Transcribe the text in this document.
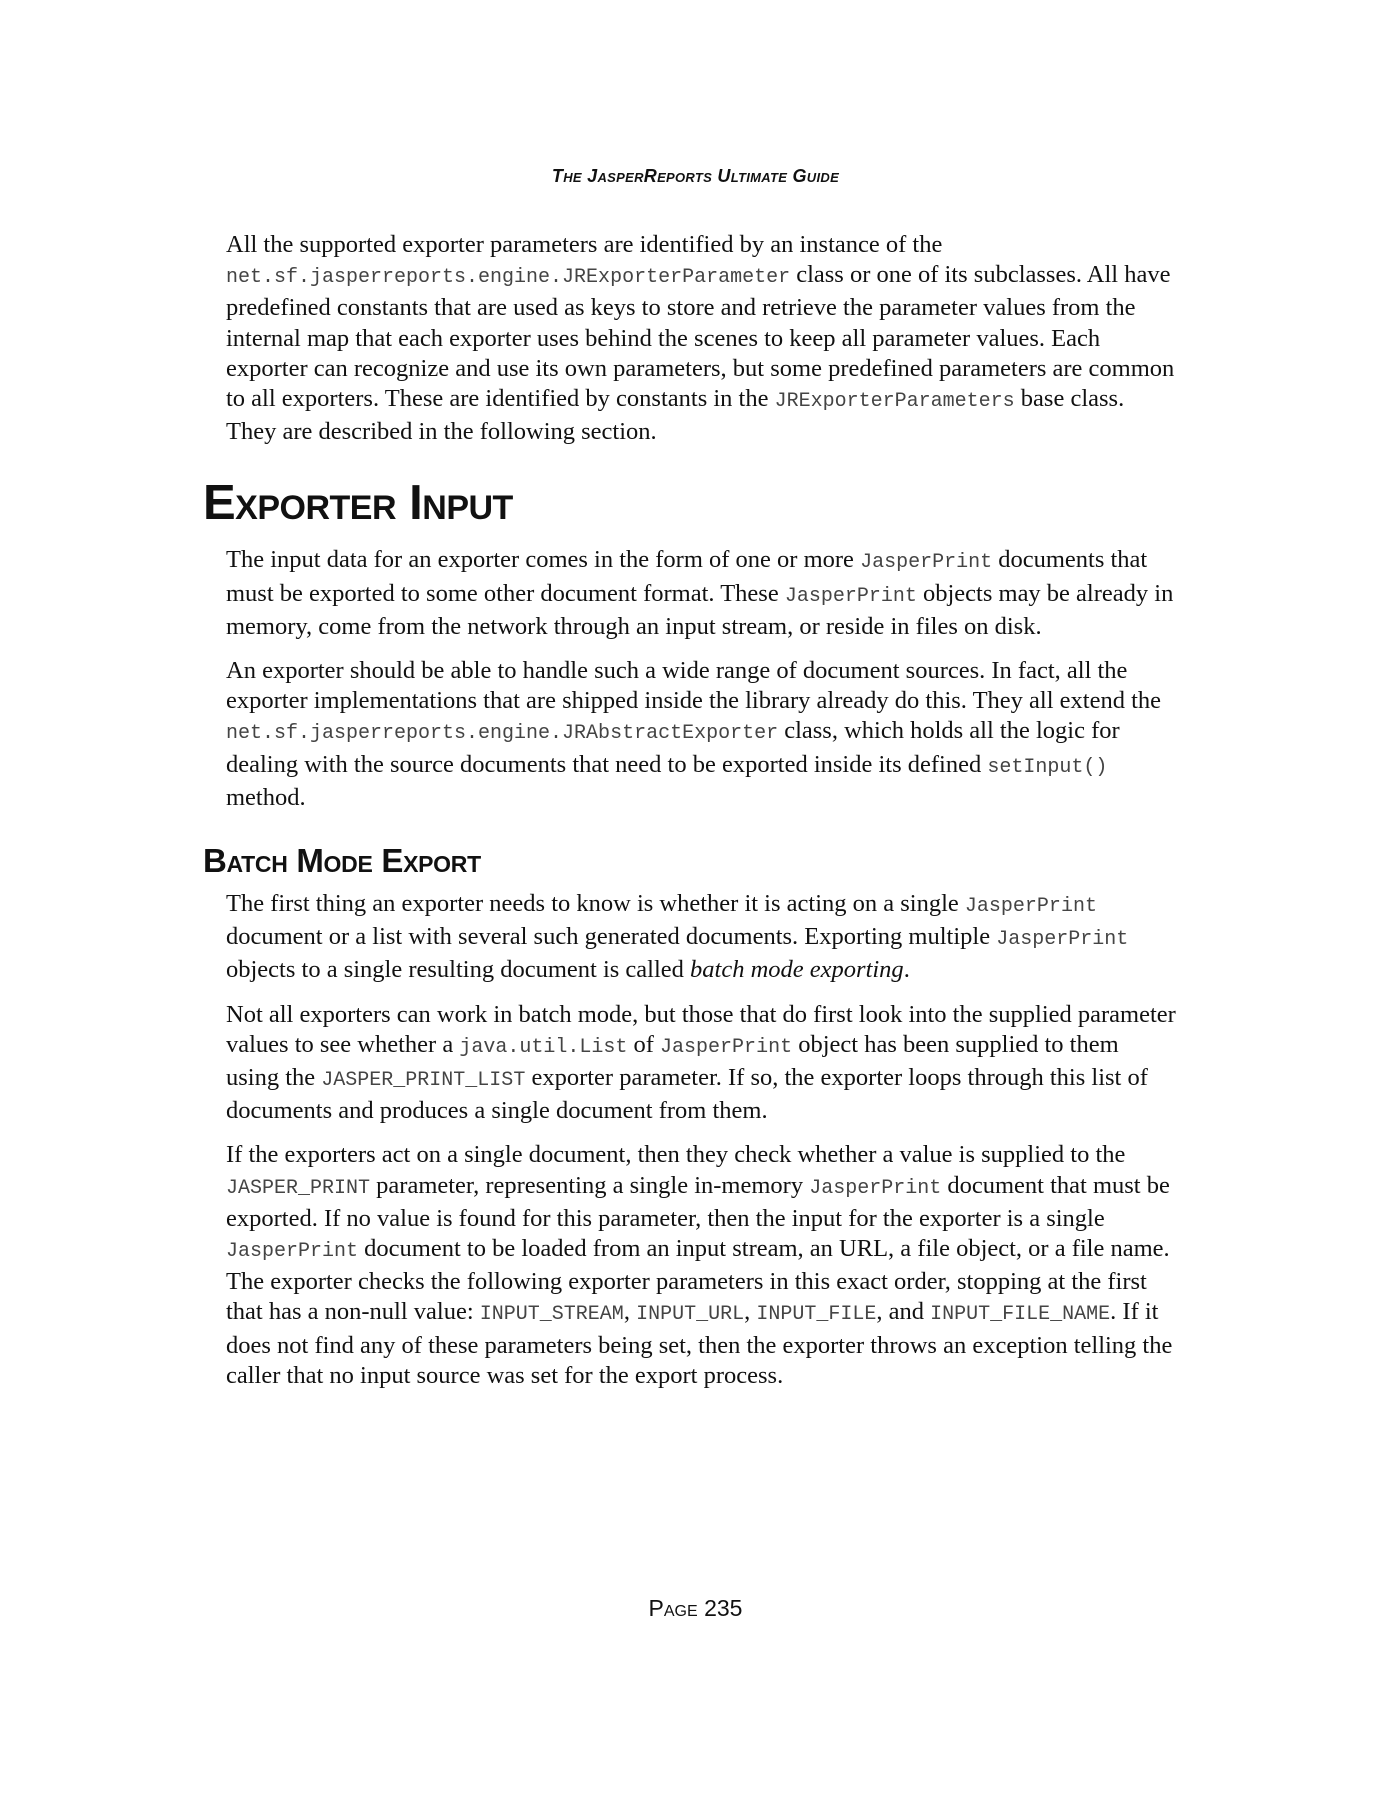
The JasperReports Ultimate Guide

All the supported exporter parameters are identified by an instance of the net.sf.jasperreports.engine.JRExporterParameter class or one of its subclasses. All have predefined constants that are used as keys to store and retrieve the parameter values from the internal map that each exporter uses behind the scenes to keep all parameter values. Each exporter can recognize and use its own parameters, but some predefined parameters are common to all exporters. These are identified by constants in the JRExporterParameters base class. They are described in the following section.

Exporter Input

The input data for an exporter comes in the form of one or more JasperPrint documents that must be exported to some other document format. These JasperPrint objects may be already in memory, come from the network through an input stream, or reside in files on disk.

An exporter should be able to handle such a wide range of document sources. In fact, all the exporter implementations that are shipped inside the library already do this. They all extend the net.sf.jasperreports.engine.JRAbstractExporter class, which holds all the logic for dealing with the source documents that need to be exported inside its defined setInput() method.

Batch Mode Export

The first thing an exporter needs to know is whether it is acting on a single JasperPrint document or a list with several such generated documents. Exporting multiple JasperPrint objects to a single resulting document is called batch mode exporting.

Not all exporters can work in batch mode, but those that do first look into the supplied parameter values to see whether a java.util.List of JasperPrint object has been supplied to them using the JASPER_PRINT_LIST exporter parameter. If so, the exporter loops through this list of documents and produces a single document from them.

If the exporters act on a single document, then they check whether a value is supplied to the JASPER_PRINT parameter, representing a single in-memory JasperPrint document that must be exported. If no value is found for this parameter, then the input for the exporter is a single JasperPrint document to be loaded from an input stream, an URL, a file object, or a file name. The exporter checks the following exporter parameters in this exact order, stopping at the first that has a non-null value: INPUT_STREAM, INPUT_URL, INPUT_FILE, and INPUT_FILE_NAME. If it does not find any of these parameters being set, then the exporter throws an exception telling the caller that no input source was set for the export process.

Page 235
